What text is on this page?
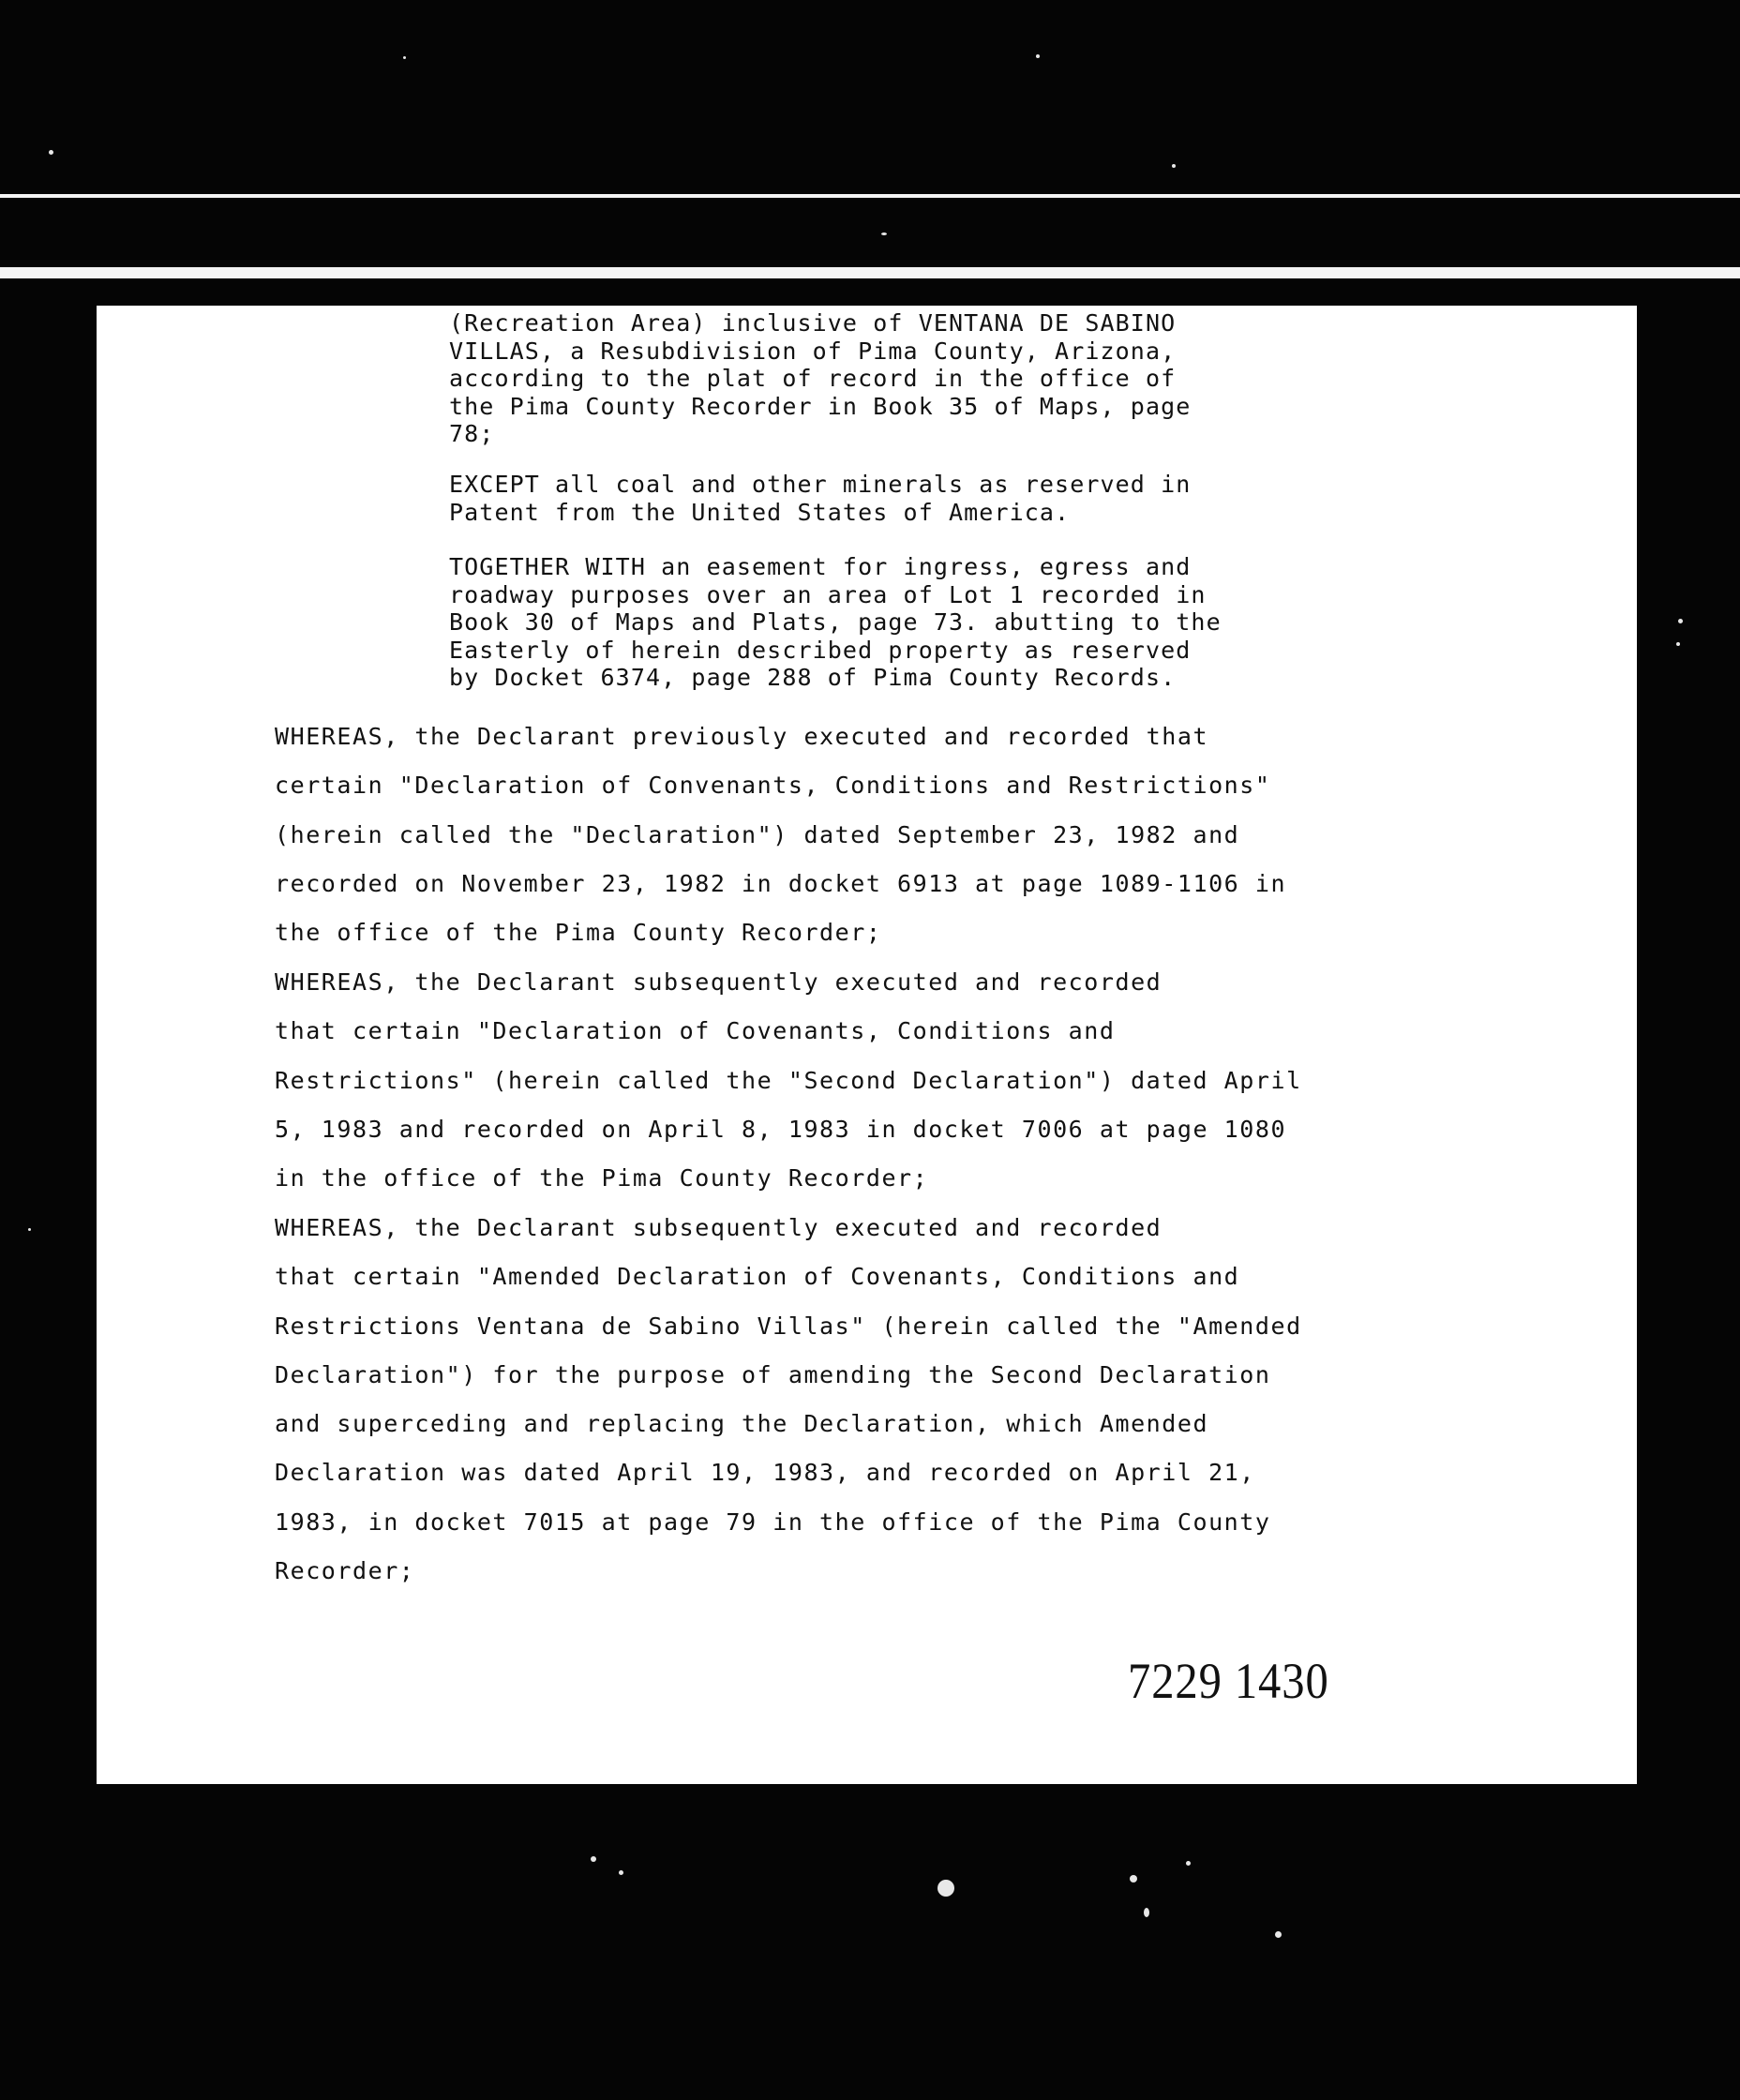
(Recreation Area) inclusive of VENTANA DE SABINO
VILLAS, a Resubdivision of Pima County, Arizona,
according to the plat of record in the office of
the Pima County Recorder in Book 35 of Maps, page
78;

EXCEPT all coal and other minerals as reserved in
Patent from the United States of America.

TOGETHER WITH an easement for ingress, egress and
roadway purposes over an area of Lot 1 recorded in
Book 30 of Maps and Plats, page 73. abutting to the
Easterly of herein described property as reserved
by Docket 6374, page 288 of Pima County Records.

WHEREAS, the Declarant previously executed and recorded that
certain "Declaration of Convenants, Conditions and Restrictions"
(herein called the "Declaration") dated September 23, 1982 and
recorded on November 23, 1982 in docket 6913 at page 1089-1106 in
the office of the Pima County Recorder;

WHEREAS, the Declarant subsequently executed and recorded
that certain "Declaration of Covenants, Conditions and
Restrictions" (herein called the "Second Declaration") dated April
5, 1983 and recorded on April 8, 1983 in docket 7006 at page 1080
in the office of the Pima County Recorder;

WHEREAS, the Declarant subsequently executed and recorded
that certain "Amended Declaration of Covenants, Conditions and
Restrictions Ventana de Sabino Villas" (herein called the "Amended
Declaration") for the purpose of amending the Second Declaration
and superceding and replacing the Declaration, which Amended
Declaration was dated April 19, 1983, and recorded on April 21,
1983, in docket 7015 at page 79 in the office of the Pima County
Recorder;

7229 1430
